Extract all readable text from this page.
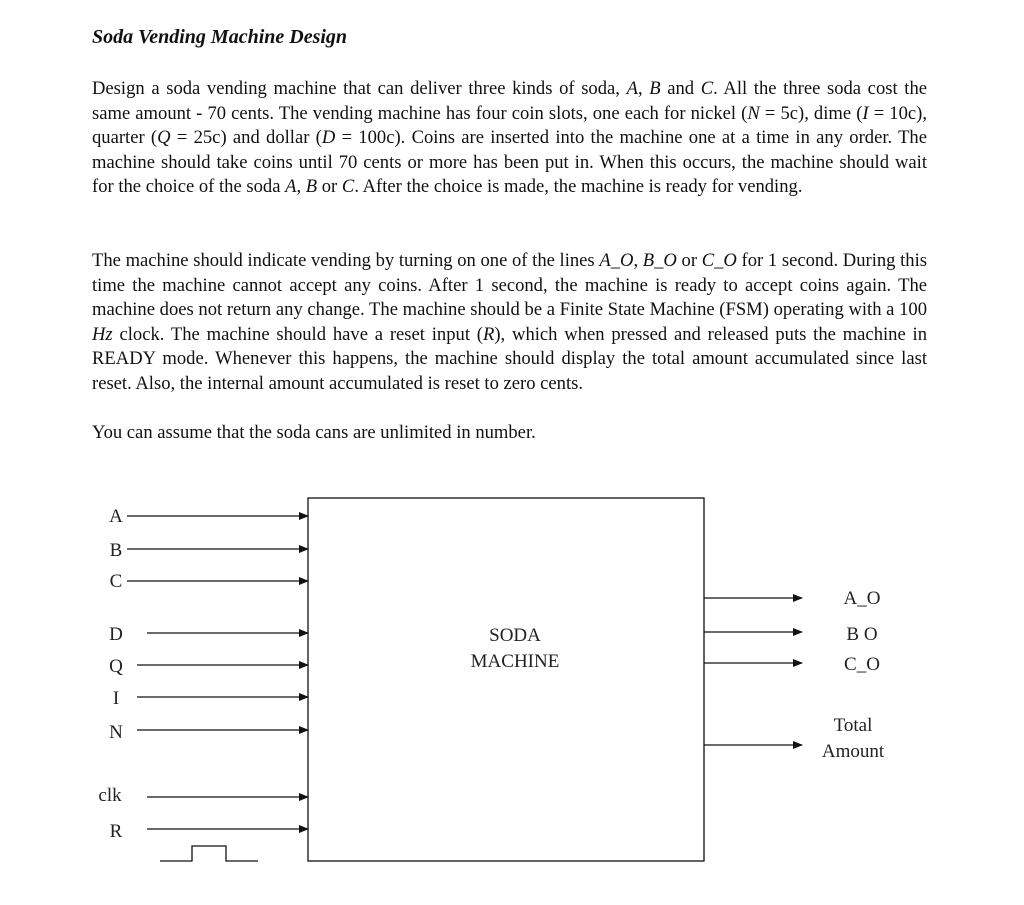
Soda Vending Machine Design
Design a soda vending machine that can deliver three kinds of soda, A, B and C. All the three soda cost the same amount - 70 cents. The vending machine has four coin slots, one each for nickel (N = 5c), dime (I = 10c), quarter (Q = 25c) and dollar (D = 100c). Coins are inserted into the machine one at a time in any order. The machine should take coins until 70 cents or more has been put in. When this occurs, the machine should wait for the choice of the soda A, B or C. After the choice is made, the machine is ready for vending.
The machine should indicate vending by turning on one of the lines A_O, B_O or C_O for 1 second. During this time the machine cannot accept any coins. After 1 second, the machine is ready to accept coins again. The machine does not return any change. The machine should be a Finite State Machine (FSM) operating with a 100 Hz clock. The machine should have a reset input (R), which when pressed and released puts the machine in READY mode. Whenever this happens, the machine should display the total amount accumulated since last reset. Also, the internal amount accumulated is reset to zero cents.
You can assume that the soda cans are unlimited in number.
SODA
MACHINE
A
B
C
D
Q
I
N
clk
R
A_O
B O
C_O
Total
Amount
